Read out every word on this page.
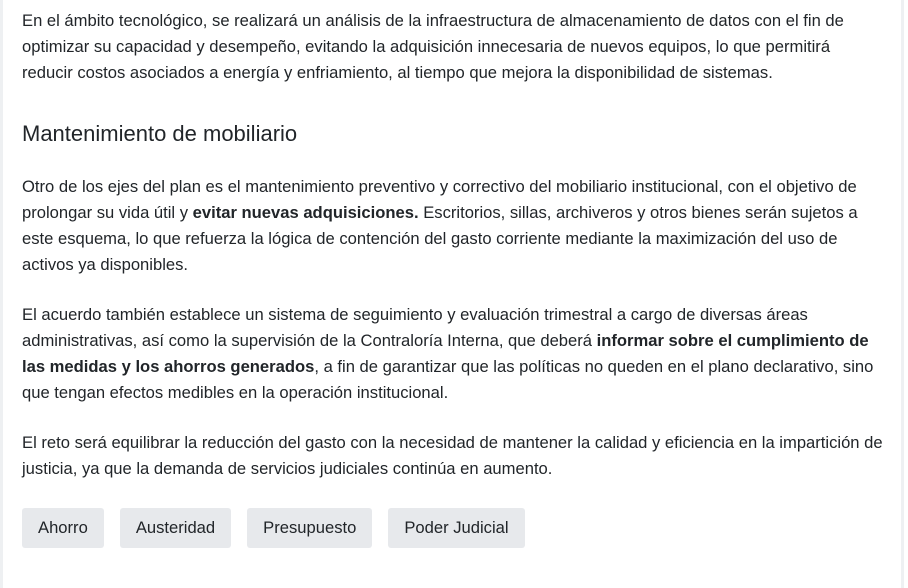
En el ámbito tecnológico, se realizará un análisis de la infraestructura de almacenamiento de datos con el fin de optimizar su capacidad y desempeño, evitando la adquisición innecesaria de nuevos equipos, lo que permitirá reducir costos asociados a energía y enfriamiento, al tiempo que mejora la disponibilidad de sistemas.

Mantenimiento de mobiliario

Otro de los ejes del plan es el mantenimiento preventivo y correctivo del mobiliario institucional, con el objetivo de prolongar su vida útil y evitar nuevas adquisiciones. Escritorios, sillas, archiveros y otros bienes serán sujetos a este esquema, lo que refuerza la lógica de contención del gasto corriente mediante la maximización del uso de activos ya disponibles.

El acuerdo también establece un sistema de seguimiento y evaluación trimestral a cargo de diversas áreas administrativas, así como la supervisión de la Contraloría Interna, que deberá informar sobre el cumplimiento de las medidas y los ahorros generados, a fin de garantizar que las políticas no queden en el plano declarativo, sino que tengan efectos medibles en la operación institucional.

El reto será equilibrar la reducción del gasto con la necesidad de mantener la calidad y eficiencia en la impartición de justicia, ya que la demanda de servicios judiciales continúa en aumento.

Ahorro	Austeridad	Presupuesto	Poder Judicial
